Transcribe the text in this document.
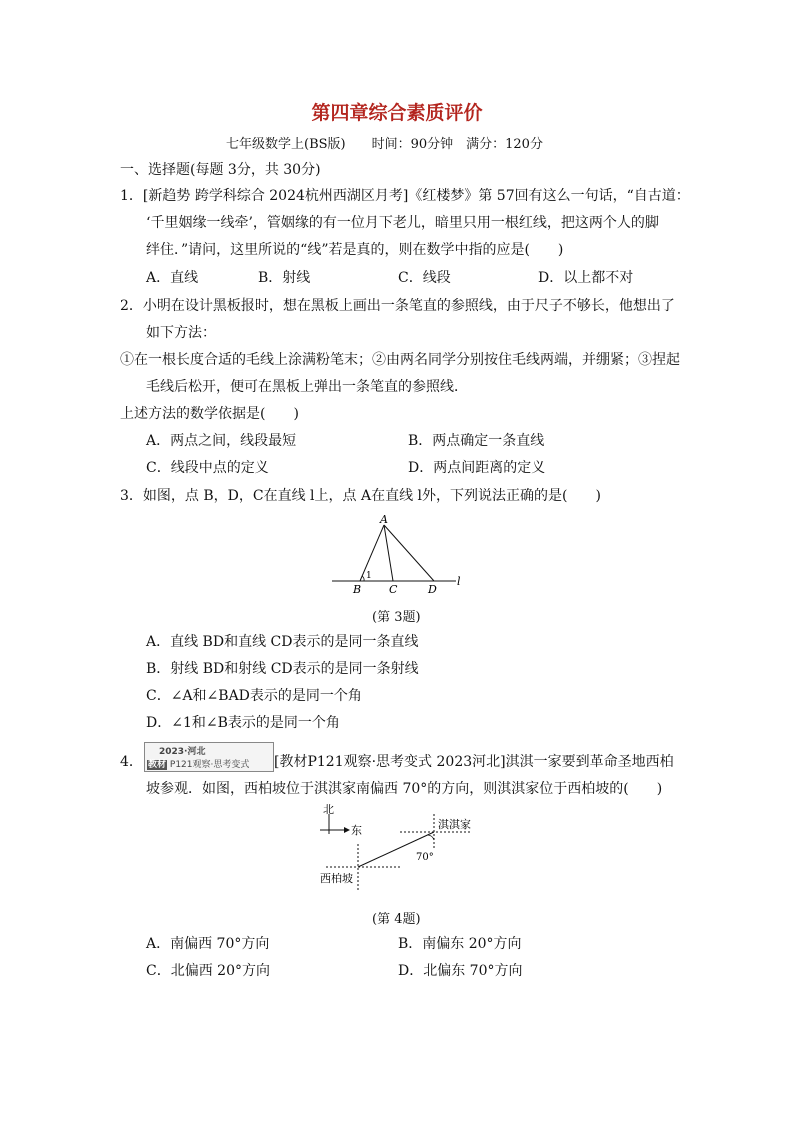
第四章综合素质评价
七年级数学上(BS版)　　时间：90分钟　满分：120分
一、选择题(每题 3分，共 30分)
1．[新趋势 跨学科综合 2024杭州西湖区月考]《红楼梦》第 57回有这么一句话，“自古道：
‘千里姻缘一线牵’，管姻缘的有一位月下老儿，暗里只用一根红线，把这两个人的脚
绊住．”请问，这里所说的“线”若是真的，则在数学中指的应是(　　)
A．直线	B．射线	C．线段	D．以上都不对
2．小明在设计黑板报时，想在黑板上画出一条笔直的参照线，由于尺子不够长，他想出了
如下方法：
①在一根长度合适的毛线上涂满粉笔末；②由两名同学分别按住毛线两端，并绷紧；③捏起
毛线后松开，便可在黑板上弹出一条笔直的参照线．
上述方法的数学依据是(　　)
A．两点之间，线段最短	B．两点确定一条直线
C．线段中点的定义	D．两点间距离的定义
3．如图，点 B，D，C在直线 l上，点 A在直线 l外，下列说法正确的是(　　)
A
B	C	D
l
1
(第 3题)
A．直线 BD和直线 CD表示的是同一条直线
B．射线 BD和射线 CD表示的是同一条射线
C．∠A和∠BAD表示的是同一个角
D．∠1和∠B表示的是同一个角
4．
2023·河北
教材 P121观察·思考变式 [教材P121观察·思考变式 2023河北]淇淇一家要到革命圣地西柏
坡参观．如图，西柏坡位于淇淇家南偏西 70°的方向，则淇淇家位于西柏坡的(　　)
北
东	淇淇家
西柏坡
70°
(第 4题)
A．南偏西 70°方向	B．南偏东 20°方向
C．北偏西 20°方向	D．北偏东 70°方向
